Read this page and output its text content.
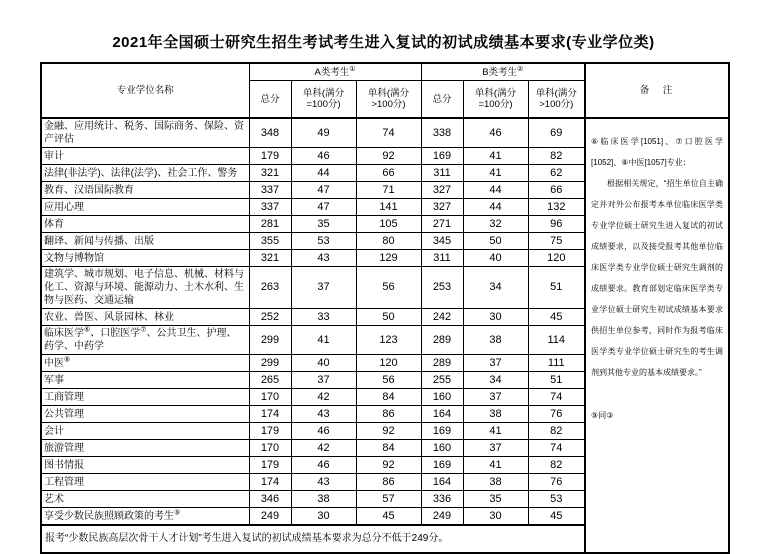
2021年全国硕士研究生招生考试考生进入复试的初试成绩基本要求(专业学位类)
专业学位名称	A类考生①			B类考生②			备　注
	总分	单科(满分 =100分)	单科(满分 >100分)	总分	单科(满分 =100分)	单科(满分 >100分)	
金融、应用统计、税务、国际商务、保险、资产评估	348	49	74	338	46	69	⑥临床医学[1051]、⑦口腔医学[1052]、⑧中医[1057]专业：

根据相关规定，“招生单位自主确定并对外公布报考本单位临床医学类专业学位硕士研究生进入复试的初试成绩要求，以及接受报考其他单位临床医学类专业学位硕士研究生调剂的成绩要求。教育部划定临床医学类专业学位硕士研究生初试成绩基本要求供招生单位参考，同时作为报考临床医学类专业学位硕士研究生的考生调剂到其他专业的基本成绩要求。”

⑨同③

审计	179	46	92	169	41	82	
法律(非法学)、法律(法学)、社会工作、警务	321	44	66	311	41	62	
教育、汉语国际教育	337	47	71	327	44	66	
应用心理	337	47	141	327	44	132	
体育	281	35	105	271	32	96	
翻译、新闻与传播、出版	355	53	80	345	50	75	
文物与博物馆	321	43	129	311	40	120	
建筑学、城市规划、电子信息、机械、材料与化工、资源与环境、能源动力、土木水利、生物与医药、交通运输	263	37	56	253	34	51	
农业、兽医、风景园林、林业	252	33	50	242	30	45	
临床医学⑥、口腔医学⑦、公共卫生、护理、药学、中药学	299	41	123	289	38	114	
中医⑧	299	40	120	289	37	111	
军事	265	37	56	255	34	51	
工商管理	170	42	84	160	37	74	
公共管理	174	43	86	164	38	76	
会计	179	46	92	169	41	82	
旅游管理	170	42	84	160	37	74	
图书情报	179	46	92	169	41	82	
工程管理	174	43	86	164	38	76	
艺术	346	38	57	336	35	53	
享受少数民族照顾政策的考生⑨	249	30	45	249	30	45	
报考“少数民族高层次骨干人才计划”考生进入复试的初试成绩基本要求为总分不低于249分。							
